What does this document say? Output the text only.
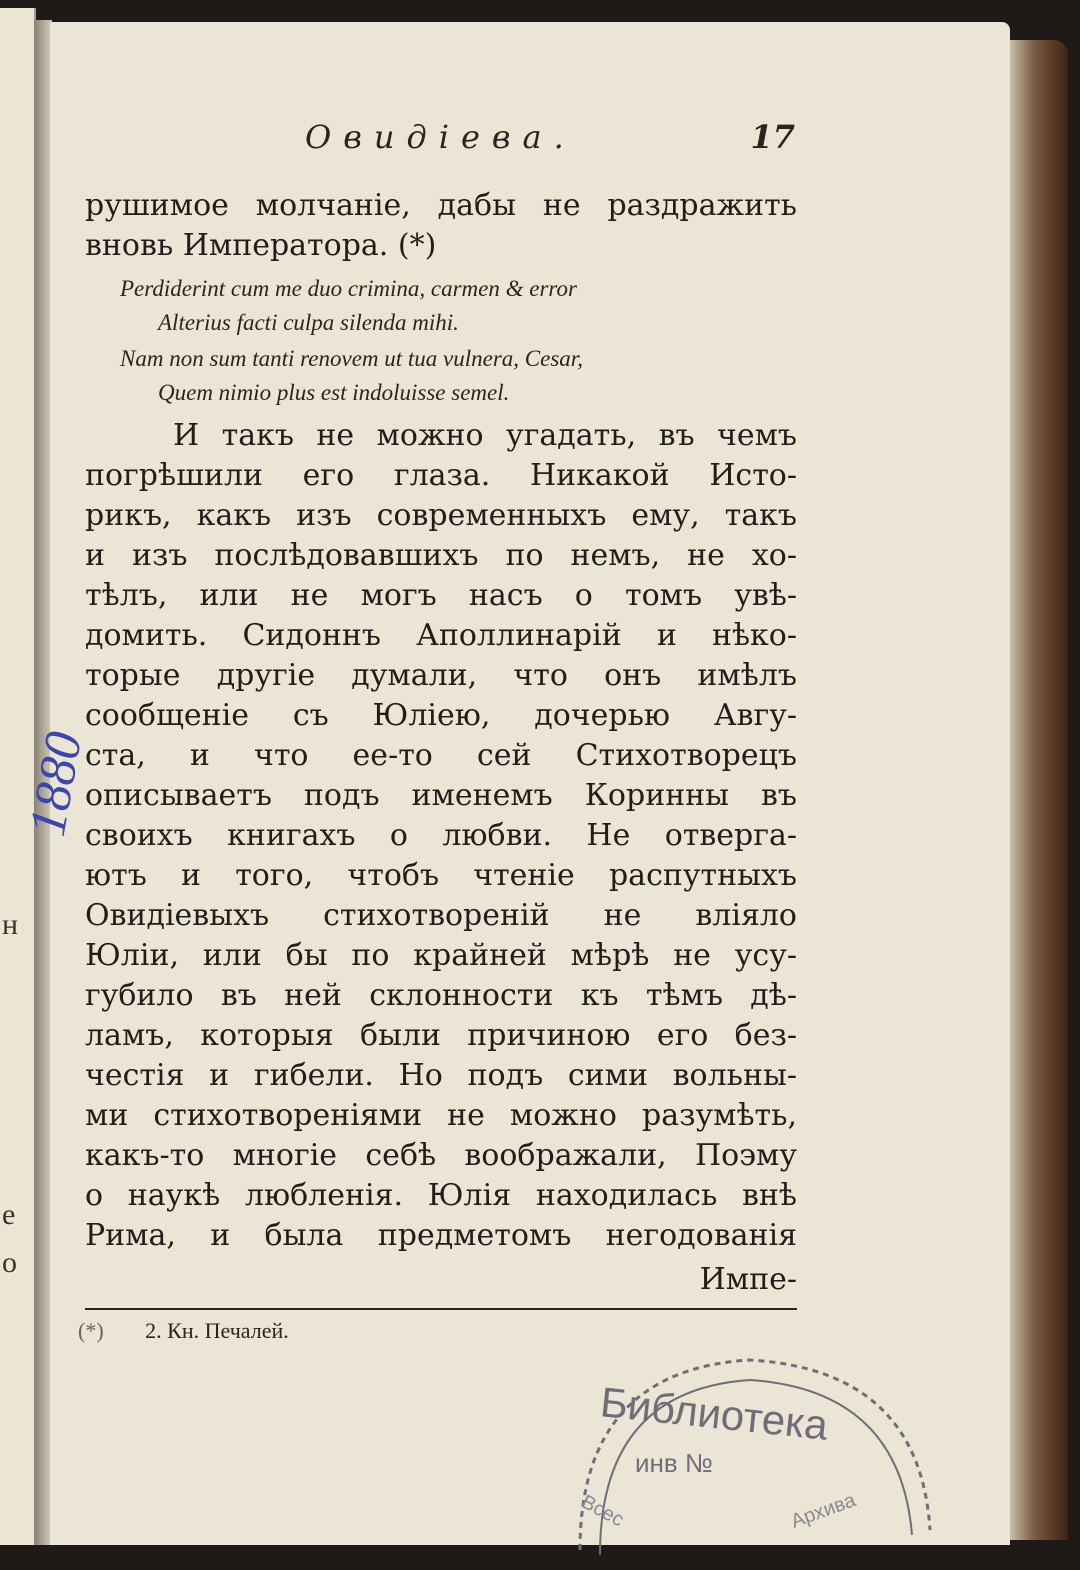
н
е
о
Овидіева.	17
рушимое молчаніе, дабы не раздражить
вновь Императора. (*)
Perdiderint cum me duo crimina, carmen & error
Alterius facti culpa silenda mihi.
Nam non sum tanti renovem ut tua vulnera, Cesar,
Quem nimio plus est indoluisse semel.
И такъ не можно угадать, въ чемъ
погрѣшили его глаза. Никакой Исто-
рикъ, какъ изъ современныхъ ему, такъ
и изъ послѣдовавшихъ по немъ, не хо-
тѣлъ, или не могъ насъ о томъ увѣ-
домить. Сидоннъ Аполлинарій и нѣко-
торые другіе думали, что онъ имѣлъ
сообщеніе съ Юліею, дочерью Авгу-
ста, и что ее-то сей Стихотворецъ
описываетъ подъ именемъ Коринны въ
своихъ книгахъ о любви. Не отверга-
ютъ и того, чтобъ чтеніе распутныхъ
Овидіевыхъ стихотвореній не вліяло
Юліи, или бы по крайней мѣрѣ не усу-
губило въ ней склонности къ тѣмъ дѣ-
ламъ, которыя были причиною его без-
честія и гибели. Но подъ сими вольны-
ми стихотвореніями не можно разумѣть,
какъ-то многіе себѣ воображали, Поэму
о наукѣ любленія. Юлія находилась внѣ
Рима, и была предметомъ негодованія
Импе-
(*) 2. Кн. Печалей.
1880
Библиотека
инв №
Всес	Архива
